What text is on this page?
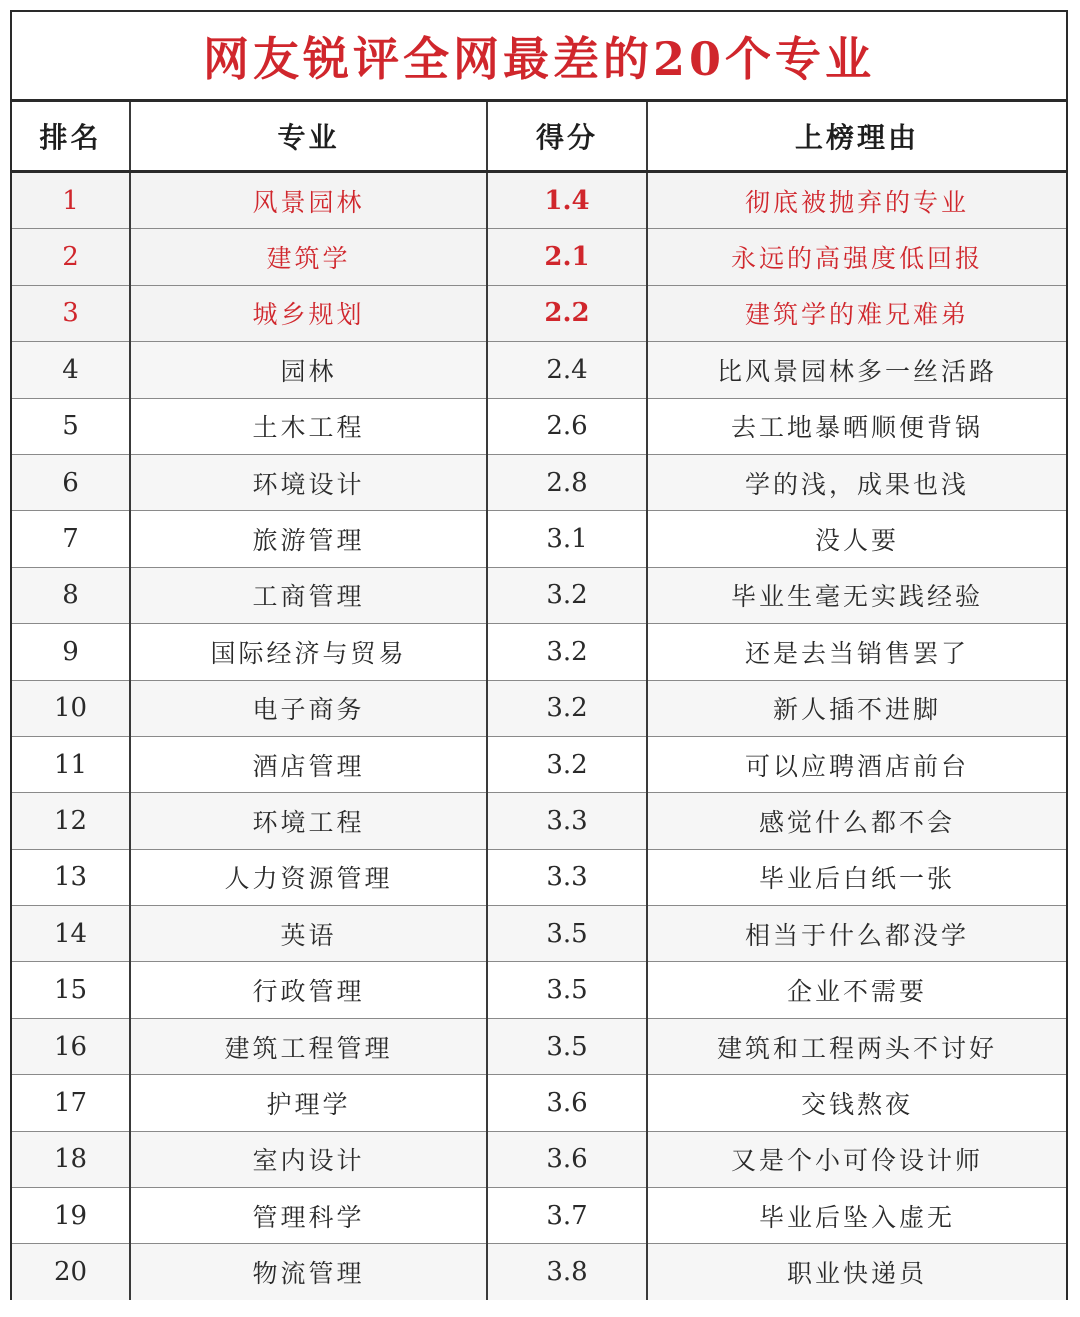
网友锐评全网最差的20个专业
排名	专业	得分	上榜理由
1	风景园林	1.4	彻底被抛弃的专业
2	建筑学	2.1	永远的高强度低回报
3	城乡规划	2.2	建筑学的难兄难弟
4	园林	2.4	比风景园林多一丝活路
5	土木工程	2.6	去工地暴晒顺便背锅
6	环境设计	2.8	学的浅，成果也浅
7	旅游管理	3.1	没人要
8	工商管理	3.2	毕业生毫无实践经验
9	国际经济与贸易	3.2	还是去当销售罢了
10	电子商务	3.2	新人插不进脚
11	酒店管理	3.2	可以应聘酒店前台
12	环境工程	3.3	感觉什么都不会
13	人力资源管理	3.3	毕业后白纸一张
14	英语	3.5	相当于什么都没学
15	行政管理	3.5	企业不需要
16	建筑工程管理	3.5	建筑和工程两头不讨好
17	护理学	3.6	交钱熬夜
18	室内设计	3.6	又是个小可伶设计师
19	管理科学	3.7	毕业后坠入虚无
20	物流管理	3.8	职业快递员
